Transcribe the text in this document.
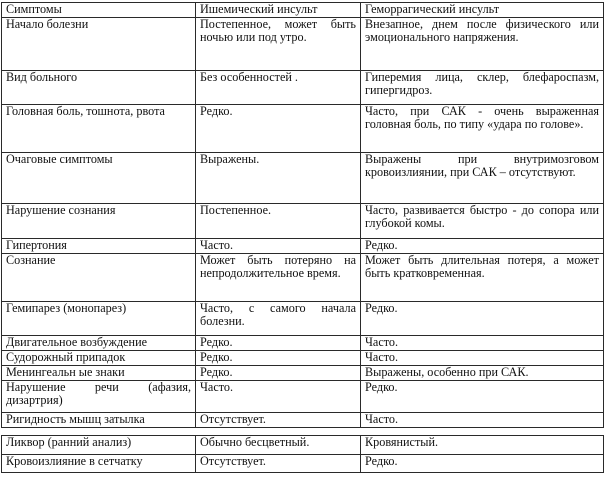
Симптомы	Ишемический инсульт	Геморрагический инсульт
Начало болезни	Постепенное, может быть ночью или под утро.	Внезапное, днем после физического или эмоционального напряжения.
Вид больного	Без особенностей .	Гиперемия лица, склер, блефароспазм, гипергидроз.
Головная боль, тошнота, рвота	Редко.	Часто, при САК - очень выраженная головная боль, по типу «удара по голове».
Очаговые симптомы	Выражены.	Выражены при внутримозговом кровоизлиянии, при САК – отсутствуют.
Нарушение сознания	Постепенное.	Часто, развивается быстро - до сопора или глубокой комы.
Гипертония	Часто.	Редко.
Сознание	Может быть потеряно на непродолжительное время.	Может быть длительная потеря, а может быть кратковременная.
Гемипарез (монопарез)	Часто, с самого начала болезни.	Редко.
Двигательное возбуждение	Редко.	Часто.
Судорожный припадок	Редко.	Часто.
Менингеальн ые знаки	Редко.	Выражены, особенно при САК.
Нарушение речи (афазия, дизартрия)	Часто.	Редко.
Ригидность мышц затылка	Отсутствует.	Часто.
Ликвор (ранний анализ)	Обычно бесцветный.	Кровянистый.
Кровоизлияние в сетчатку	Отсутствует.	Редко.
